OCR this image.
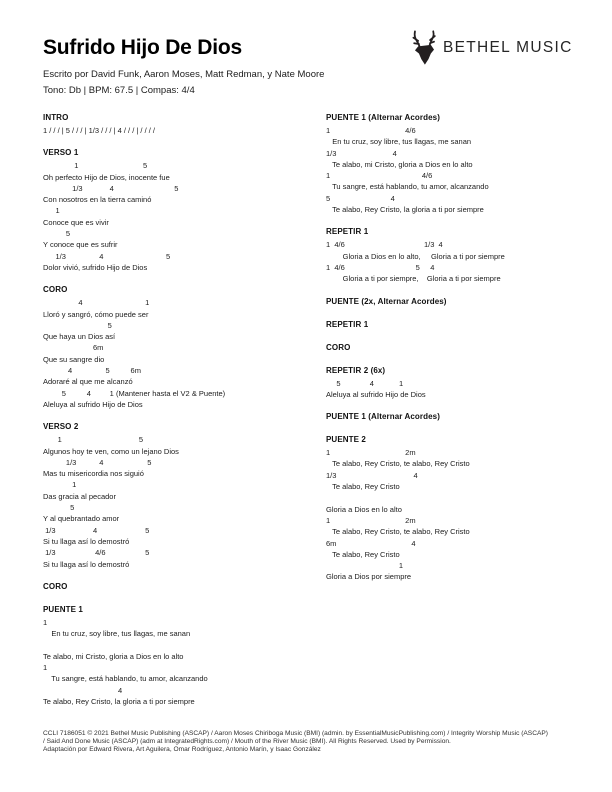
Sufrido Hijo De Dios
Escrito por David Funk, Aaron Moses, Matt Redman, y Nate Moore
Tono: Db | BPM: 67.5 | Compas: 4/4
BETHEL MUSIC
INTRO
1 / / / | 5 / / / | 1/3 / / / | 4 / / / | / / / /
VERSO 1
1                               5
Oh perfecto Hijo de Dios, inocente fue
1/3             4                             5
Con nosotros en la tierra caminó
1
Conoce que es vivir
5
Y conoce que es sufrir
1/3                4                              5
Dolor vivió, sufrido Hijo de Dios
CORO
4                              1
Lloró y sangró, cómo puede ser
5
Que haya un Dios así
6m
Que su sangre dio
4                5          6m
Adoraré al que me alcanzó
5          4         1 (Mantener hasta el V2 & Puente)
Aleluya al sufrido Hijo de Dios
VERSO 2
1                                     5
Algunos hoy te ven, como un lejano Dios
1/3           4                     5
Mas tu misericordia nos siguió
1
Das gracia al pecador
5
Y al quebrantado amor
1/3                  4                       5
Si tu llaga así lo demostró
1/3                   4/6                   5
Si tu llaga así lo demostró
CORO
PUENTE 1
1
En tu cruz, soy libre, tus llagas, me sanan
Te alabo, mi Cristo, gloria a Dios en lo alto
1
Tu sangre, está hablando, tu amor, alcanzando
4
Te alabo, Rey Cristo, la gloria a ti por siempre
PUENTE 1 (Alternar Acordes)
1                                    4/6
En tu cruz, soy libre, tus llagas, me sanan
1/3                           4
Te alabo, mi Cristo, gloria a Dios en lo alto
1                                            4/6
Tu sangre, está hablando, tu amor, alcanzando
5                             4
Te alabo, Rey Cristo, la gloria a ti por siempre
REPETIR 1
1  4/6                                      1/3  4
Gloria a Dios en lo alto,     Gloria a ti por siempre
1  4/6                                  5     4
Gloria a ti por siempre,    Gloria a ti por siempre
PUENTE (2x, Alternar Acordes)
REPETIR 1
CORO
REPETIR 2 (6x)
5              4            1
Aleluya al sufrido Hijo de Dios
PUENTE 1 (Alternar Acordes)
PUENTE 2
1                                    2m
Te alabo, Rey Cristo, te alabo, Rey Cristo
1/3                                     4
Te alabo, Rey Cristo
Gloria a Dios en lo alto
1                                    2m
Te alabo, Rey Cristo, te alabo, Rey Cristo
6m                                    4
Te alabo, Rey Cristo
1
Gloria a Dios por siempre
CCLI 7186051 © 2021 Bethel Music Publishing (ASCAP) / Aaron Moses Chiriboga Music (BMI) (admin. by EssentialMusicPublishing.com) / Integrity Worship Music (ASCAP)
/ Said And Done Music (ASCAP) (adm at IntegratedRights.com) / Mouth of the River Music (BMI). All Rights Reserved. Used by Permission.
Adaptación por Edward Rivera, Art Aguilera, Omar Rodríguez, Antonio Marín, y Isaac González
